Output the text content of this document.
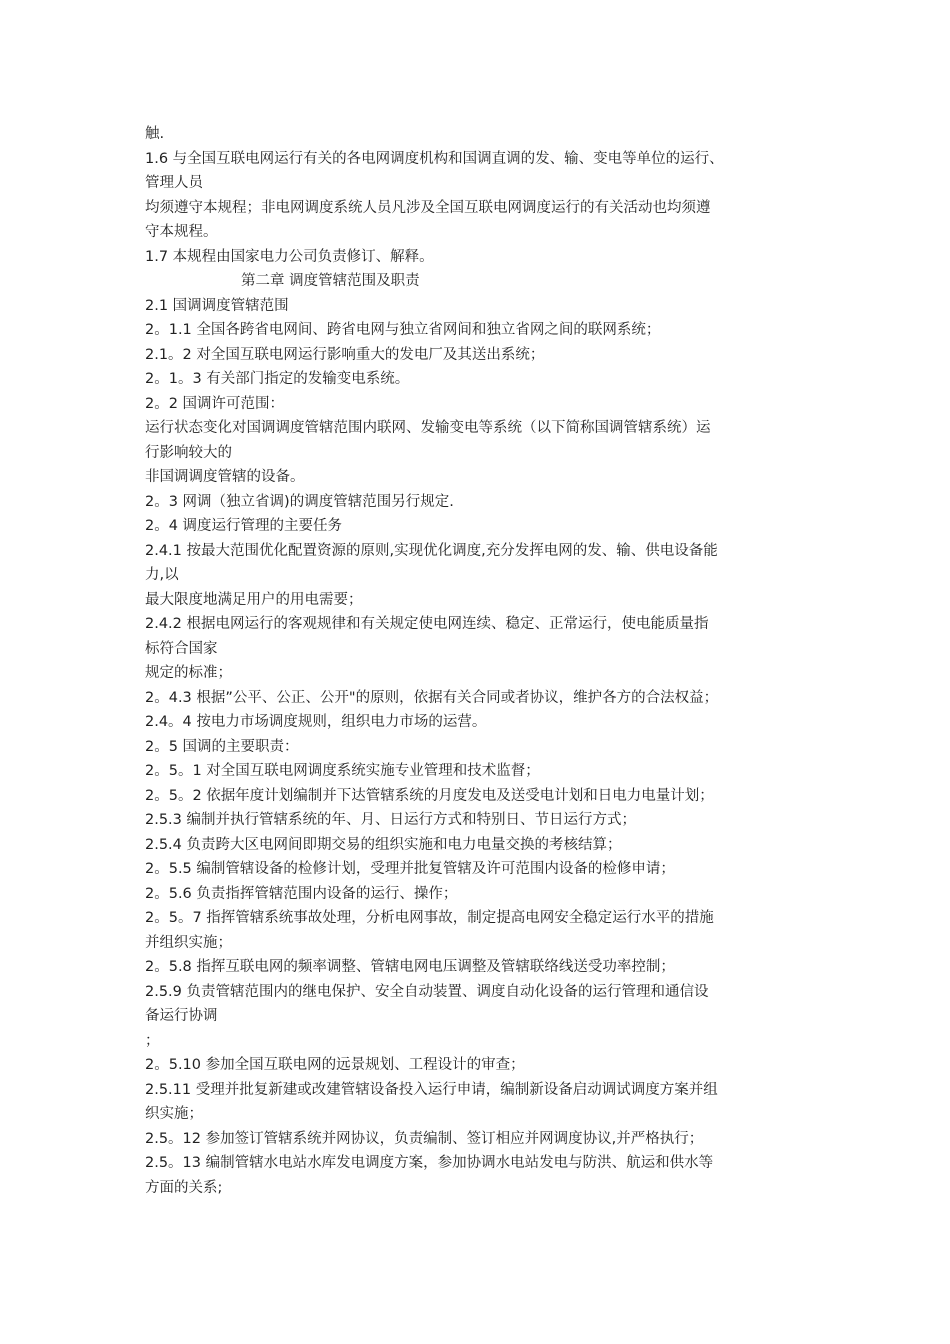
触.
1.6 与全国互联电网运行有关的各电网调度机构和国调直调的发、输、变电等单位的运行、
管理人员
均须遵守本规程；非电网调度系统人员凡涉及全国互联电网调度运行的有关活动也均须遵
守本规程。
1.7 本规程由国家电力公司负责修订、解释。
第二章 调度管辖范围及职责
2.1 国调调度管辖范围
2。1.1 全国各跨省电网间、跨省电网与独立省网间和独立省网之间的联网系统；
2.1。2 对全国互联电网运行影响重大的发电厂及其送出系统；
2。1。3 有关部门指定的发输变电系统。
2。2 国调许可范围：
运行状态变化对国调调度管辖范围内联网、发输变电等系统（以下简称国调管辖系统）运
行影响较大的
非国调调度管辖的设备。
2。3 网调（独立省调)的调度管辖范围另行规定.
2。4 调度运行管理的主要任务
2.4.1 按最大范围优化配置资源的原则,实现优化调度,充分发挥电网的发、输、供电设备能
力,以
最大限度地满足用户的用电需要；
2.4.2 根据电网运行的客观规律和有关规定使电网连续、稳定、正常运行，使电能质量指
标符合国家
规定的标准；
2。4.3 根据”公平、公正、公开"的原则，依据有关合同或者协议，维护各方的合法权益；
2.4。4 按电力市场调度规则，组织电力市场的运营。
2。5 国调的主要职责：
2。5。1 对全国互联电网调度系统实施专业管理和技术监督；
2。5。2 依据年度计划编制并下达管辖系统的月度发电及送受电计划和日电力电量计划；
2.5.3 编制并执行管辖系统的年、月、日运行方式和特别日、节日运行方式；
2.5.4 负责跨大区电网间即期交易的组织实施和电力电量交换的考核结算；
2。5.5 编制管辖设备的检修计划，受理并批复管辖及许可范围内设备的检修申请；
2。5.6 负责指挥管辖范围内设备的运行、操作；
2。5。7 指挥管辖系统事故处理，分析电网事故，制定提高电网安全稳定运行水平的措施
并组织实施；
2。5.8 指挥互联电网的频率调整、管辖电网电压调整及管辖联络线送受功率控制；
2.5.9 负责管辖范围内的继电保护、安全自动装置、调度自动化设备的运行管理和通信设
备运行协调
；
2。5.10 参加全国互联电网的远景规划、工程设计的审查；
2.5.11 受理并批复新建或改建管辖设备投入运行申请，编制新设备启动调试调度方案并组
织实施；
2.5。12 参加签订管辖系统并网协议，负责编制、签订相应并网调度协议,并严格执行；
2.5。13 编制管辖水电站水库发电调度方案，参加协调水电站发电与防洪、航运和供水等
方面的关系;
